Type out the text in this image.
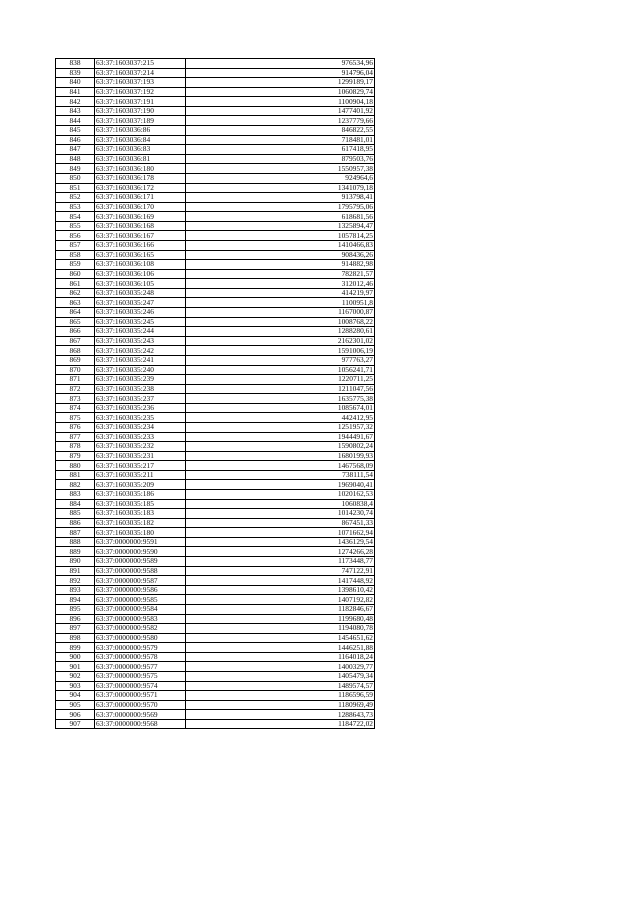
838	63:37:1603037:215	976534,96
839	63:37:1603037:214	914796,04
840	63:37:1603037:193	1299189,17
841	63:37:1603037:192	1060829,74
842	63:37:1603037:191	1100904,18
843	63:37:1603037:190	1477401,92
844	63:37:1603037:189	1237779,66
845	63:37:1603036:86	846822,55
846	63:37:1603036:84	718481,01
847	63:37:1603036:83	617418,95
848	63:37:1603036:81	879503,76
849	63:37:1603036:180	1550957,38
850	63:37:1603036:178	924964,6
851	63:37:1603036:172	1341079,18
852	63:37:1603036:171	913798,41
853	63:37:1603036:170	1795795,06
854	63:37:1603036:169	618681,56
855	63:37:1603036:168	1325894,47
856	63:37:1603036:167	1057814,25
857	63:37:1603036:166	1410466,83
858	63:37:1603036:165	908436,26
859	63:37:1603036:108	914882,98
860	63:37:1603036:106	782821,57
861	63:37:1603036:105	312012,46
862	63:37:1603035:248	414219,97
863	63:37:1603035:247	1100951,8
864	63:37:1603035:246	1167000,87
865	63:37:1603035:245	1008768,22
866	63:37:1603035:244	1288280,61
867	63:37:1603035:243	2162301,02
868	63:37:1603035:242	1591006,19
869	63:37:1603035:241	977763,27
870	63:37:1603035:240	1056241,71
871	63:37:1603035:239	1220711,25
872	63:37:1603035:238	1211047,56
873	63:37:1603035:237	1635775,38
874	63:37:1603035:236	1085674,01
875	63:37:1603035:235	442412,95
876	63:37:1603035:234	1251957,32
877	63:37:1603035:233	1944491,67
878	63:37:1603035:232	1590802,24
879	63:37:1603035:231	1680199,93
880	63:37:1603035:217	1467568,09
881	63:37:1603035:211	738111,54
882	63:37:1603035:209	1969040,41
883	63:37:1603035:186	1020162,53
884	63:37:1603035:185	1060838,4
885	63:37:1603035:183	1014230,74
886	63:37:1603035:182	867451,33
887	63:37:1603035:180	1071662,94
888	63:37:0000000:9591	1436129,54
889	63:37:0000000:9590	1274266,28
890	63:37:0000000:9589	1173448,77
891	63:37:0000000:9588	747122,91
892	63:37:0000000:9587	1417448,92
893	63:37:0000000:9586	1398610,42
894	63:37:0000000:9585	1407192,82
895	63:37:0000000:9584	1182846,67
896	63:37:0000000:9583	1199680,48
897	63:37:0000000:9582	1194080,78
898	63:37:0000000:9580	1454651,62
899	63:37:0000000:9579	1446251,88
900	63:37:0000000:9578	1164018,24
901	63:37:0000000:9577	1400329,77
902	63:37:0000000:9575	1405479,34
903	63:37:0000000:9574	1489574,57
904	63:37:0000000:9571	1186596,59
905	63:37:0000000:9570	1180969,49
906	63:37:0000000:9569	1288643,73
907	63:37:0000000:9568	1184722,02
